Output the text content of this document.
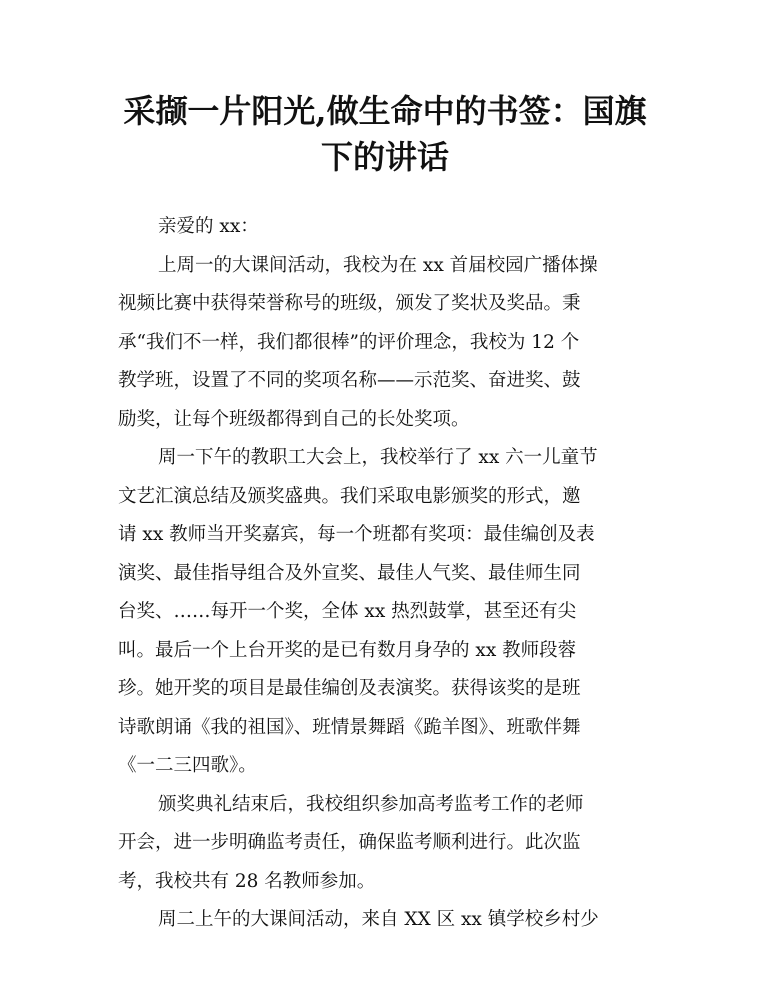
采撷一片阳光,做生命中的书签：国旗
下的讲话
亲爱的 xx：
上周一的大课间活动，我校为在 xx 首届校园广播体操
视频比赛中获得荣誉称号的班级，颁发了奖状及奖品。秉
承“我们不一样，我们都很棒”的评价理念，我校为 12 个
教学班，设置了不同的奖项名称——示范奖、奋进奖、鼓
励奖，让每个班级都得到自己的长处奖项。
周一下午的教职工大会上，我校举行了 xx 六一儿童节
文艺汇演总结及颁奖盛典。我们采取电影颁奖的形式，邀
请 xx 教师当开奖嘉宾，每一个班都有奖项：最佳编创及表
演奖、最佳指导组合及外宣奖、最佳人气奖、最佳师生同
台奖、……每开一个奖，全体 xx 热烈鼓掌，甚至还有尖
叫。最后一个上台开奖的是已有数月身孕的 xx 教师段蓉
珍。她开奖的项目是最佳编创及表演奖。获得该奖的是班
诗歌朗诵《我的祖国》、班情景舞蹈《跪羊图》、班歌伴舞
《一二三四歌》。
颁奖典礼结束后，我校组织参加高考监考工作的老师
开会，进一步明确监考责任，确保监考顺利进行。此次监
考，我校共有 28 名教师参加。
周二上午的大课间活动，来自 XX 区 xx 镇学校乡村少
